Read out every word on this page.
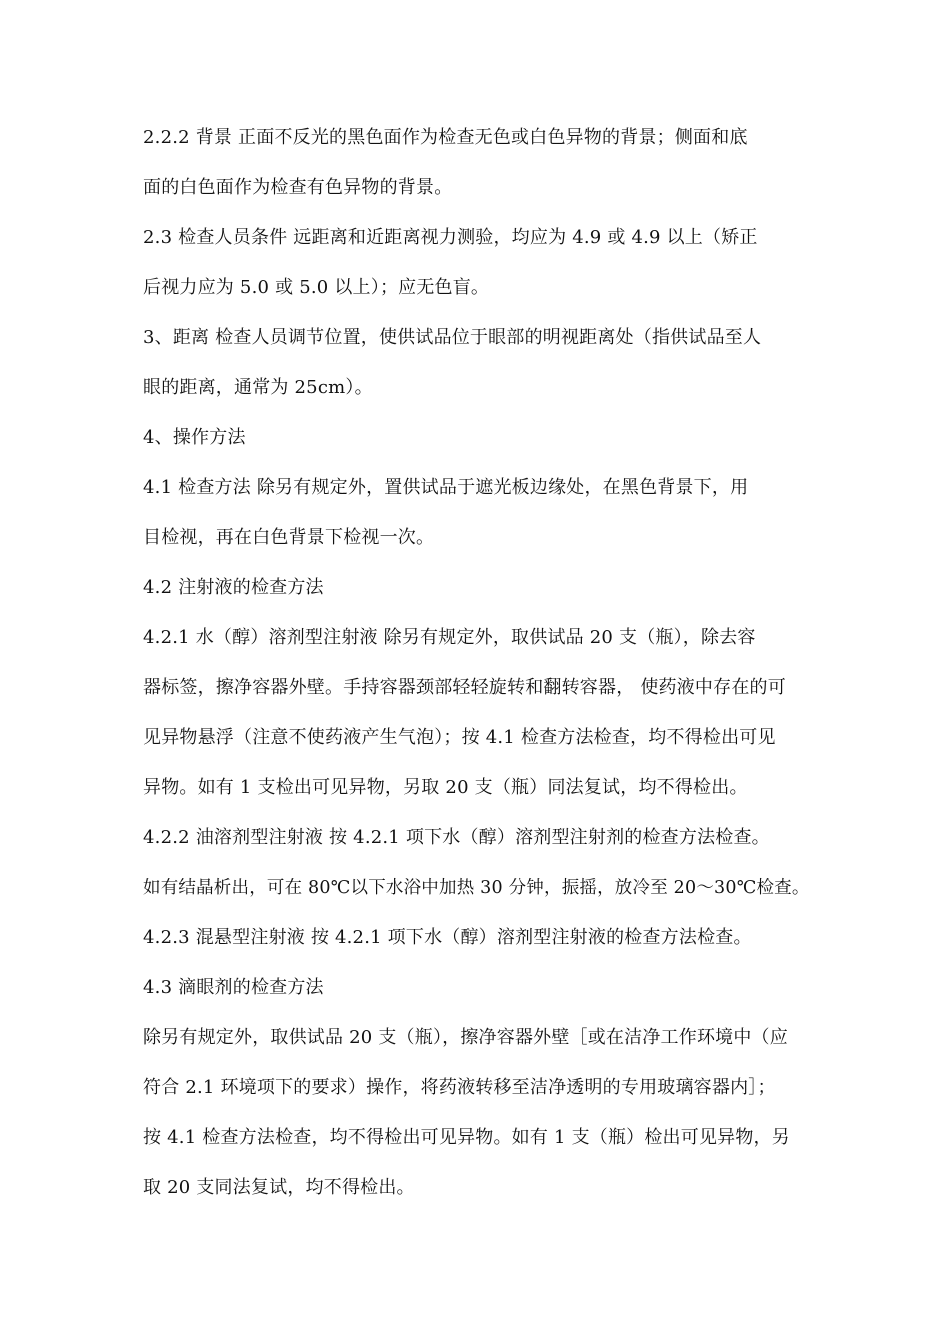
2.2.2 背景 正面不反光的黑色面作为检查无色或白色异物的背景；侧面和底
面的白色面作为检查有色异物的背景。
2.3 检查人员条件 远距离和近距离视力测验，均应为 4.9 或 4.9 以上（矫正
后视力应为 5.0 或 5.0 以上）；应无色盲。
3、距离 检查人员调节位置，使供试品位于眼部的明视距离处（指供试品至人
眼的距离，通常为 25cm）。
4、操作方法
4.1 检查方法 除另有规定外，置供试品于遮光板边缘处，在黑色背景下，用
目检视，再在白色背景下检视一次。
4.2 注射液的检查方法
4.2.1 水（醇）溶剂型注射液 除另有规定外，取供试品 20 支（瓶），除去容
器标签，擦净容器外壁。手持容器颈部轻轻旋转和翻转容器， 使药液中存在的可
见异物悬浮（注意不使药液产生气泡）；按 4.1 检查方法检查，均不得检出可见
异物。如有 1 支检出可见异物，另取 20 支（瓶）同法复试，均不得检出。
4.2.2 油溶剂型注射液 按 4.2.1 项下水（醇）溶剂型注射剂的检查方法检查。
如有结晶析出，可在 80℃以下水浴中加热 30 分钟，振摇，放冷至 20～30℃检查。
4.2.3 混悬型注射液 按 4.2.1 项下水（醇）溶剂型注射液的检查方法检查。
4.3 滴眼剂的检查方法
除另有规定外，取供试品 20 支（瓶），擦净容器外壁［或在洁净工作环境中（应
符合 2.1 环境项下的要求）操作，将药液转移至洁净透明的专用玻璃容器内］；
按 4.1 检查方法检查，均不得检出可见异物。如有 1 支（瓶）检出可见异物，另
取 20 支同法复试，均不得检出。
